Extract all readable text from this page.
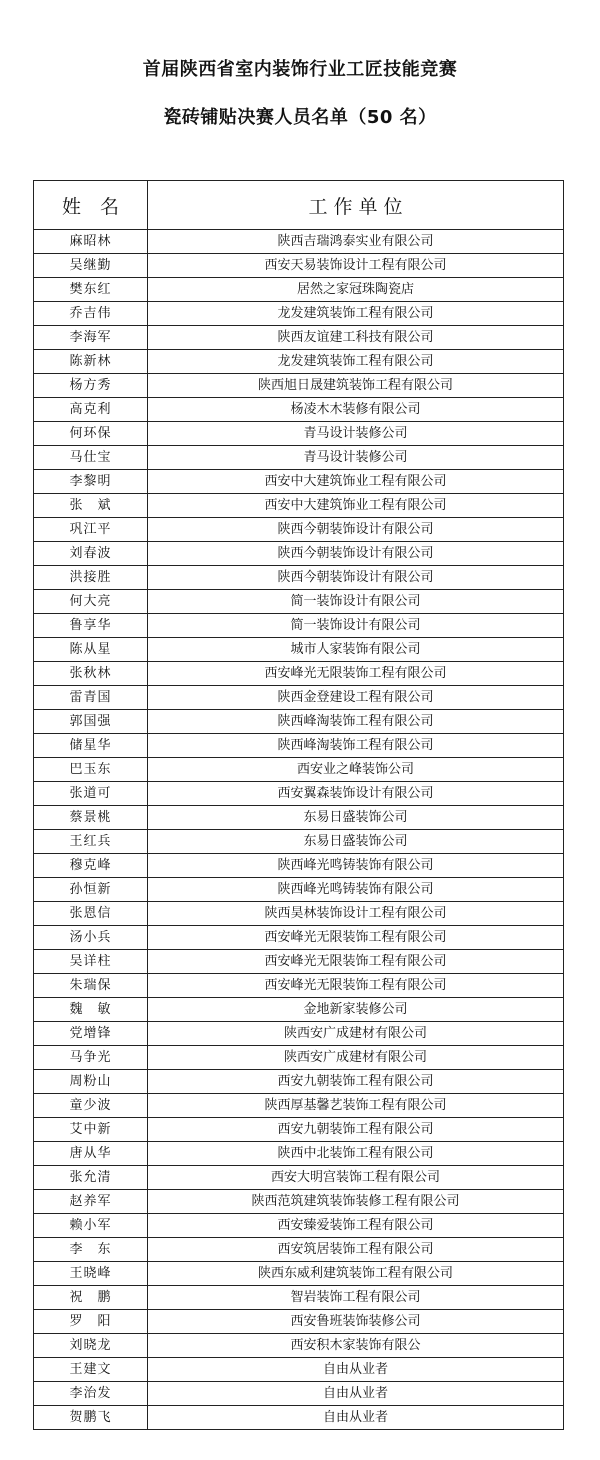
首届陕西省室内装饰行业工匠技能竞赛
瓷砖铺贴决赛人员名单（50 名）
姓　名	工 作 单 位
麻昭林	陕西吉瑞鸿泰实业有限公司
吴继勤	西安天易装饰设计工程有限公司
樊东红	居然之家冠珠陶瓷店
乔吉伟	龙发建筑装饰工程有限公司
李海军	陕西友谊建工科技有限公司
陈新林	龙发建筑装饰工程有限公司
杨方秀	陕西旭日晟建筑装饰工程有限公司
高克利	杨凌木木装修有限公司
何环保	青马设计装修公司
马仕宝	青马设计装修公司
李黎明	西安中大建筑饰业工程有限公司
张　斌	西安中大建筑饰业工程有限公司
巩江平	陕西今朝装饰设计有限公司
刘春波	陕西今朝装饰设计有限公司
洪接胜	陕西今朝装饰设计有限公司
何大亮	简一装饰设计有限公司
鲁享华	简一装饰设计有限公司
陈从星	城市人家装饰有限公司
张秋林	西安峰光无限装饰工程有限公司
雷青国	陕西金登建设工程有限公司
郭国强	陕西峰淘装饰工程有限公司
储星华	陕西峰淘装饰工程有限公司
巴玉东	西安业之峰装饰公司
张道可	西安翼森装饰设计有限公司
蔡景桃	东易日盛装饰公司
王红兵	东易日盛装饰公司
穆克峰	陕西峰光鸣铸装饰有限公司
孙恒新	陕西峰光鸣铸装饰有限公司
张恩信	陕西昊林装饰设计工程有限公司
汤小兵	西安峰光无限装饰工程有限公司
吴详柱	西安峰光无限装饰工程有限公司
朱瑞保	西安峰光无限装饰工程有限公司
魏　敏	金地新家装修公司
党增锋	陕西安广成建材有限公司
马争光	陕西安广成建材有限公司
周粉山	西安九朝装饰工程有限公司
童少波	陕西厚基馨艺装饰工程有限公司
艾中新	西安九朝装饰工程有限公司
唐从华	陕西中北装饰工程有限公司
张允清	西安大明宫装饰工程有限公司
赵养军	陕西范筑建筑装饰装修工程有限公司
赖小军	西安臻爱装饰工程有限公司
李　东	西安筑居装饰工程有限公司
王晓峰	陕西东威利建筑装饰工程有限公司
祝　鹏	智岩装饰工程有限公司
罗　阳	西安鲁班装饰装修公司
刘晓龙	西安积木家装饰有限公
王建文	自由从业者
李治发	自由从业者
贺鹏飞	自由从业者
